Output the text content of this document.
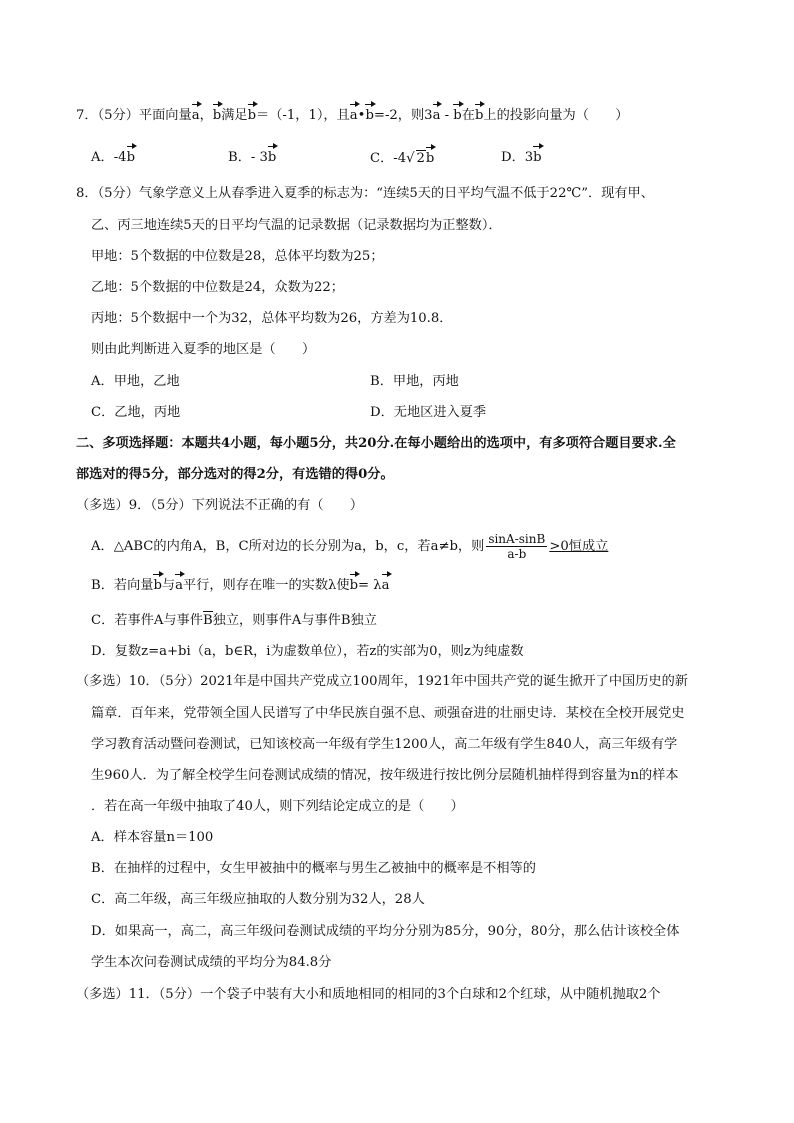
7．（5分）平面向量a，b满足b＝（-1，1），且a•b=-2，则3a - b在b上的投影向量为（　　）
A．-4b	B．- 3b	C．-4√ 2b	D．3b
8．（5分）气象学意义上从春季进入夏季的标志为：“连续5天的日平均气温不低于22℃”．现有甲、
乙、丙三地连续5天的日平均气温的记录数据（记录数据均为正整数）．
甲地：5个数据的中位数是28，总体平均数为25；
乙地：5个数据的中位数是24，众数为22；
丙地：5个数据中一个为32，总体平均数为26，方差为10.8．
则由此判断进入夏季的地区是（　　）
A．甲地，乙地	B．甲地，丙地
C．乙地，丙地	D．无地区进入夏季
二、多项选择题：本题共4小题，每小题5分，共20分.在每小题给出的选项中，有多项符合题目要求.全
部选对的得5分，部分选对的得2分，有选错的得0分。
（多选）9．（5分）下列说法不正确的有（　　）
A．△ABC的内角A，B，C所对边的长分别为a，b，c，若a≠b，则 $\frac{\sin A-\sin B}{a-b} >0$恒成立
B．若向量b与a平行，则存在唯一的实数λ使b= λa
C．若事件A与事件B独立，则事件A与事件B独立
D．复数z=a+bi（a，b∈R，i为虚数单位），若z的实部为0，则z为纯虚数
（多选）10．（5分）2021年是中国共产党成立100周年，1921年中国共产党的诞生掀开了中国历史的新
篇章．百年来，党带领全国人民谱写了中华民族自强不息、顽强奋进的壮丽史诗．某校在全校开展党史
学习教育活动暨问卷测试，已知该校高一年级有学生1200人，高二年级有学生840人，高三年级有学
生960人．为了解全校学生问卷测试成绩的情况，按年级进行按比例分层随机抽样得到容量为n的样本
．若在高一年级中抽取了40人，则下列结论定成立的是（　　）
A．样本容量n＝100
B．在抽样的过程中，女生甲被抽中的概率与男生乙被抽中的概率是不相等的
C．高二年级，高三年级应抽取的人数分别为32人，28人
D．如果高一，高二，高三年级问卷测试成绩的平均分分别为85分，90分，80分，那么估计该校全体
学生本次问卷测试成绩的平均分为84.8分
（多选）11．（5分）一个袋子中装有大小和质地相同的相同的3个白球和2个红球，从中随机抛取2个
